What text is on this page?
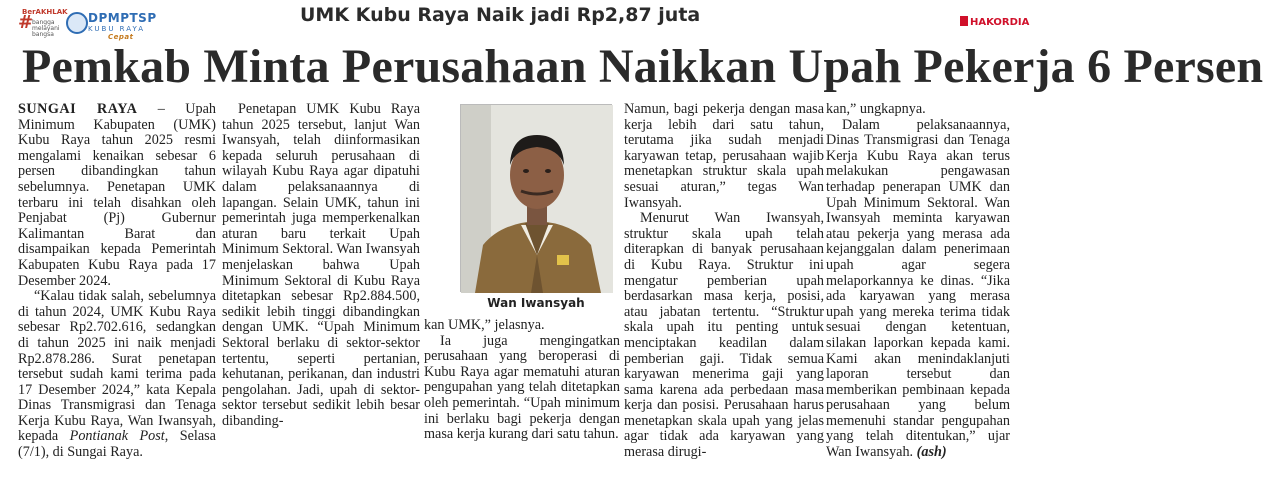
BerAKHLAK
#
bangga melayani bangsa
DPMPTSP
KUBU RAYA
Cepat
UMK Kubu Raya Naik jadi Rp2,87 juta	HAKORDIA
Pemkab Minta Perusahaan Naikkan Upah Pekerja 6 Persen

SUNGAI RAYA – Upah Minimum Kabupaten (UMK) Kubu Raya tahun 2025 resmi mengalami kenaikan sebesar 6 persen dibandingkan tahun sebelumnya. Penetapan UMK terbaru ini telah disahkan oleh Penjabat (Pj) Gubernur Kalimantan Barat dan disampaikan kepada Pemerintah Kabupaten Kubu Raya pada 17 Desember 2024.

“Kalau tidak salah, sebelumnya di tahun 2024, UMK Kubu Raya sebesar Rp2.702.616, sedangkan di tahun 2025 ini naik menjadi Rp2.878.286. Surat penetapan tersebut sudah kami terima pada 17 Desember 2024,” kata Kepala Dinas Transmigrasi dan Tenaga Kerja Kubu Raya, Wan Iwansyah, kepada Pontianak Post, Selasa (7/1), di Sungai Raya.

Penetapan UMK Kubu Raya tahun 2025 tersebut, lanjut Wan Iwansyah, telah diinformasikan kepada seluruh perusahaan di wilayah Kubu Raya agar dipatuhi dalam pelaksanaannya di lapangan. Selain UMK, tahun ini pemerintah juga memperkenalkan aturan baru terkait Upah Minimum Sektoral. Wan Iwansyah menjelaskan bahwa Upah Minimum Sektoral di Kubu Raya ditetapkan sebesar Rp2.884.500, sedikit lebih tinggi dibandingkan dengan UMK. “Upah Minimum Sektoral berlaku di sektor-sektor tertentu, seperti pertanian, kehutanan, perikanan, dan industri pengolahan. Jadi, upah di sektor-sektor tersebut sedikit lebih besar dibanding-

Wan Iwansyah

kan UMK,” jelasnya.

Ia juga mengingatkan perusahaan yang beroperasi di Kubu Raya agar mematuhi aturan pengupahan yang telah ditetapkan oleh pemerintah. “Upah minimum ini berlaku bagi pekerja dengan masa kerja kurang dari satu tahun.

Namun, bagi pekerja dengan masa kerja lebih dari satu tahun, terutama jika sudah menjadi karyawan tetap, perusahaan wajib menetapkan struktur skala upah sesuai aturan,” tegas Wan Iwansyah.

Menurut Wan Iwansyah, struktur skala upah telah diterapkan di banyak perusahaan di Kubu Raya. Struktur ini mengatur pemberian upah berdasarkan masa kerja, posisi, atau jabatan tertentu. “Struktur skala upah itu penting untuk menciptakan keadilan dalam pemberian gaji. Tidak semua karyawan menerima gaji yang sama karena ada perbedaan masa kerja dan posisi. Perusahaan harus menetapkan skala upah yang jelas agar tidak ada karyawan yang merasa dirugi-

kan,” ungkapnya.

Dalam pelaksanaannya, Dinas Transmigrasi dan Tenaga Kerja Kubu Raya akan terus melakukan pengawasan terhadap penerapan UMK dan Upah Minimum Sektoral. Wan Iwansyah meminta karyawan atau pekerja yang merasa ada kejanggalan dalam penerimaan upah agar segera melaporkannya ke dinas. “Jika ada karyawan yang merasa upah yang mereka terima tidak sesuai dengan ketentuan, silakan laporkan kepada kami. Kami akan menindaklanjuti laporan tersebut dan memberikan pembinaan kepada perusahaan yang belum memenuhi standar pengupahan yang telah ditentukan,” ujar Wan Iwansyah. (ash)
